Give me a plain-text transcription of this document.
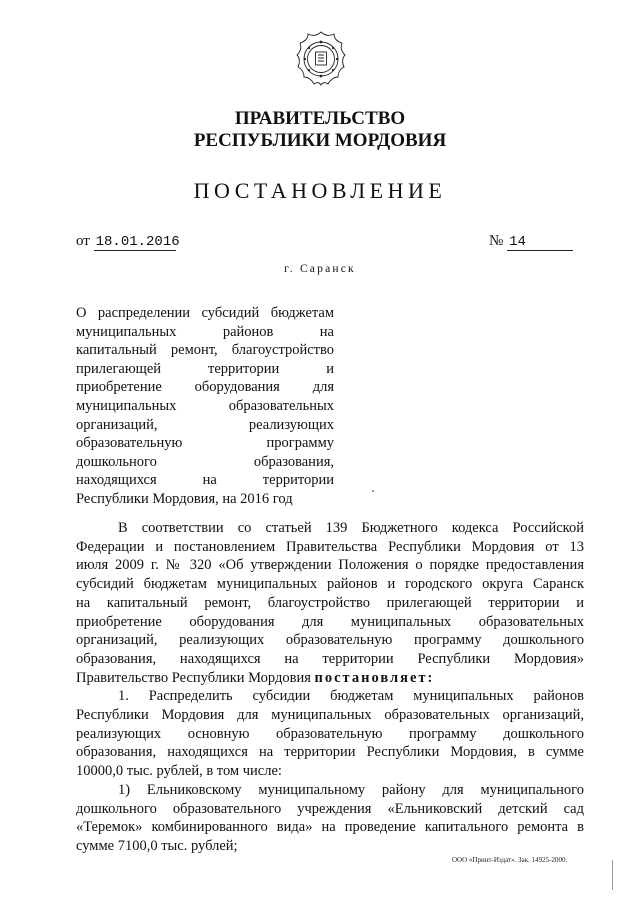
ПРАВИТЕЛЬСТВО
РЕСПУБЛИКИ МОРДОВИЯ
ПОСТАНОВЛЕНИЕ
от 18.01.2016	№ 14
г. Саранск
О распределении субсидий бюджетам
муниципальных районов на
капитальный ремонт, благоустройство
прилегающей территории и
приобретение оборудования для
муниципальных образовательных
организаций, реализующих
образовательную программу
дошкольного образования,
находящихся на территории
Республики Мордовия, на 2016 год
В соответствии со статьей 139 Бюджетного кодекса Российской
Федерации и постановлением Правительства Республики Мордовия от 13
июля 2009 г. № 320 «Об утверждении Положения о порядке предоставления
субсидий бюджетам муниципальных районов и городского округа Саранск
на капитальный ремонт, благоустройство прилегающей территории и
приобретение оборудования для муниципальных образовательных
организаций, реализующих образовательную программу дошкольного
образования, находящихся на территории Республики Мордовия»
Правительство Республики Мордовия постановляет:
1. Распределить субсидии бюджетам муниципальных районов
Республики Мордовия для муниципальных образовательных организаций,
реализующих основную образовательную программу дошкольного
образования, находящихся на территории Республики Мордовия, в сумме
10000,0 тыс. рублей, в том числе:
1) Ельниковскому муниципальному району для муниципального
дошкольного образовательного учреждения «Ельниковский детский сад
«Теремок» комбинированного вида» на проведение капитального ремонта в
сумме 7100,0 тыс. рублей;
ООО «Принт-Издат». Зак. 14925-2000.
